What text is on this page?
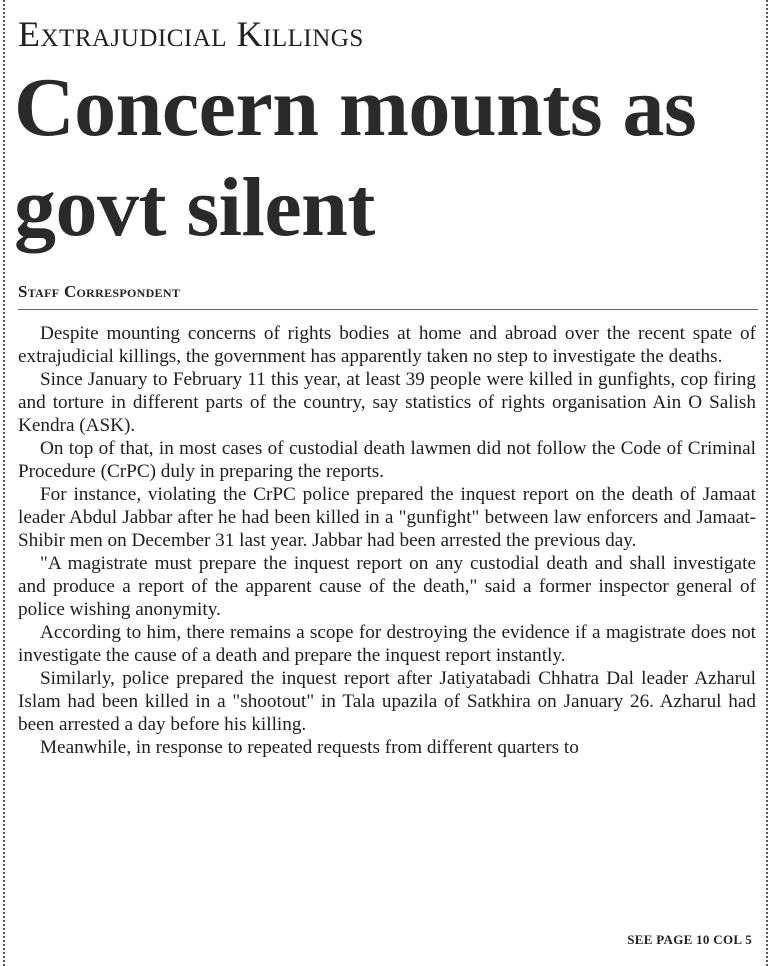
Extrajudicial Killings
Concern mounts as govt silent
Staff Correspondent

Despite mounting concerns of rights bodies at home and abroad over the recent spate of extrajudicial killings, the government has apparently taken no step to investigate the deaths.

Since January to February 11 this year, at least 39 people were killed in gunfights, cop firing and torture in different parts of the country, say statistics of rights organisation Ain O Salish Kendra (ASK).

On top of that, in most cases of custodial death lawmen did not follow the Code of Criminal Procedure (CrPC) duly in preparing the reports.

For instance, violating the CrPC police prepared the inquest report on the death of Jamaat leader Abdul Jabbar after he had been killed in a "gunfight" between law enforcers and Jamaat- Shibir men on December 31 last year. Jabbar had been arrested the previous day.

"A magistrate must prepare the inquest report on any custodial death and shall investigate and produce a report of the apparent cause of the death," said a former inspector general of police wishing anonymity.

According to him, there remains a scope for destroying the evidence if a magistrate does not investigate the cause of a death and prepare the inquest report instantly.

Similarly, police prepared the inquest report after Jatiyatabadi Chhatra Dal leader Azharul Islam had been killed in a "shootout" in Tala upazila of Satkhira on January 26. Azharul had been arrested a day before his killing.

Meanwhile, in response to repeated requests from different quarters to

SEE PAGE 10 COL 5
